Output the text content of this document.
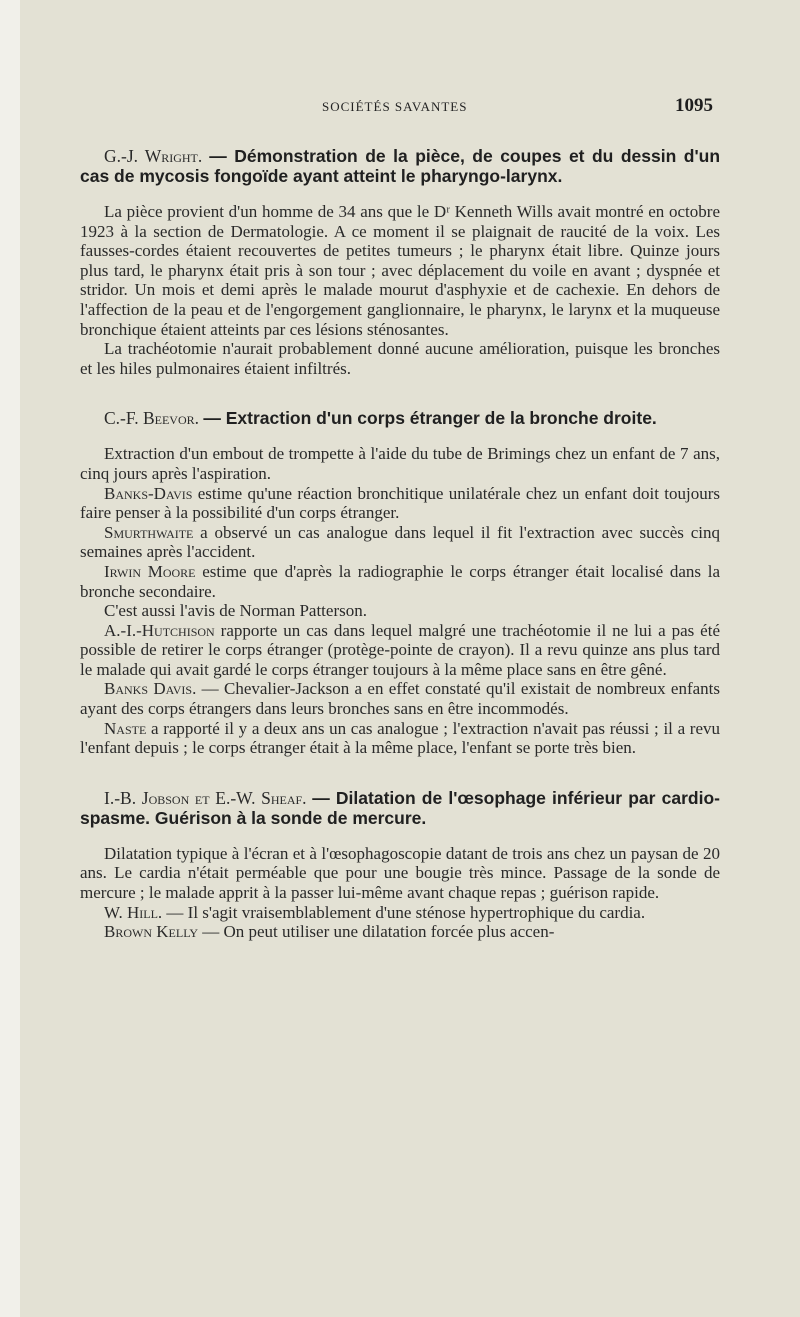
SOCIÉTÉS SAVANTES	1095

G.-J. Wright. — Démonstration de la pièce, de coupes et du dessin d'un cas de mycosis fongoïde ayant atteint le pharyngo-larynx.

La pièce provient d'un homme de 34 ans que le Dʳ Kenneth Wills avait montré en octobre 1923 à la section de Dermatologie. A ce moment il se plaignait de raucité de la voix. Les fausses-cordes étaient recouvertes de petites tumeurs ; le pharynx était libre. Quinze jours plus tard, le pharynx était pris à son tour ; avec déplacement du voile en avant ; dyspnée et stridor. Un mois et demi après le malade mourut d'asphyxie et de cachexie. En dehors de l'affection de la peau et de l'engorgement ganglionnaire, le pharynx, le larynx et la muqueuse bronchique étaient atteints par ces lésions sténosantes.

La trachéotomie n'aurait probablement donné aucune amélioration, puisque les bronches et les hiles pulmonaires étaient infiltrés.

C.-F. Beevor. — Extraction d'un corps étranger de la bronche droite.

Extraction d'un embout de trompette à l'aide du tube de Brimings chez un enfant de 7 ans, cinq jours après l'aspiration.

Banks-Davis estime qu'une réaction bronchitique unilatérale chez un enfant doit toujours faire penser à la possibilité d'un corps étranger.

Smurthwaite a observé un cas analogue dans lequel il fit l'extraction avec succès cinq semaines après l'accident.

Irwin Moore estime que d'après la radiographie le corps étranger était localisé dans la bronche secondaire.

C'est aussi l'avis de Norman Patterson.

A.-I.-Hutchison rapporte un cas dans lequel malgré une trachéotomie il ne lui a pas été possible de retirer le corps étranger (protège-pointe de crayon). Il a revu quinze ans plus tard le malade qui avait gardé le corps étranger toujours à la même place sans en être gêné.

Banks Davis. — Chevalier-Jackson a en effet constaté qu'il existait de nombreux enfants ayant des corps étrangers dans leurs bronches sans en être incommodés.

Naste a rapporté il y a deux ans un cas analogue ; l'extraction n'avait pas réussi ; il a revu l'enfant depuis ; le corps étranger était à la même place, l'enfant se porte très bien.

I.-B. Jobson et E.-W. Sheaf. — Dilatation de l'œsophage inférieur par cardio-spasme. Guérison à la sonde de mercure.

Dilatation typique à l'écran et à l'œsophagoscopie datant de trois ans chez un paysan de 20 ans. Le cardia n'était perméable que pour une bougie très mince. Passage de la sonde de mercure ; le malade apprit à la passer lui-même avant chaque repas ; guérison rapide.

W. Hill. — Il s'agit vraisemblablement d'une sténose hypertrophique du cardia.

Brown Kelly — On peut utiliser une dilatation forcée plus accen-
